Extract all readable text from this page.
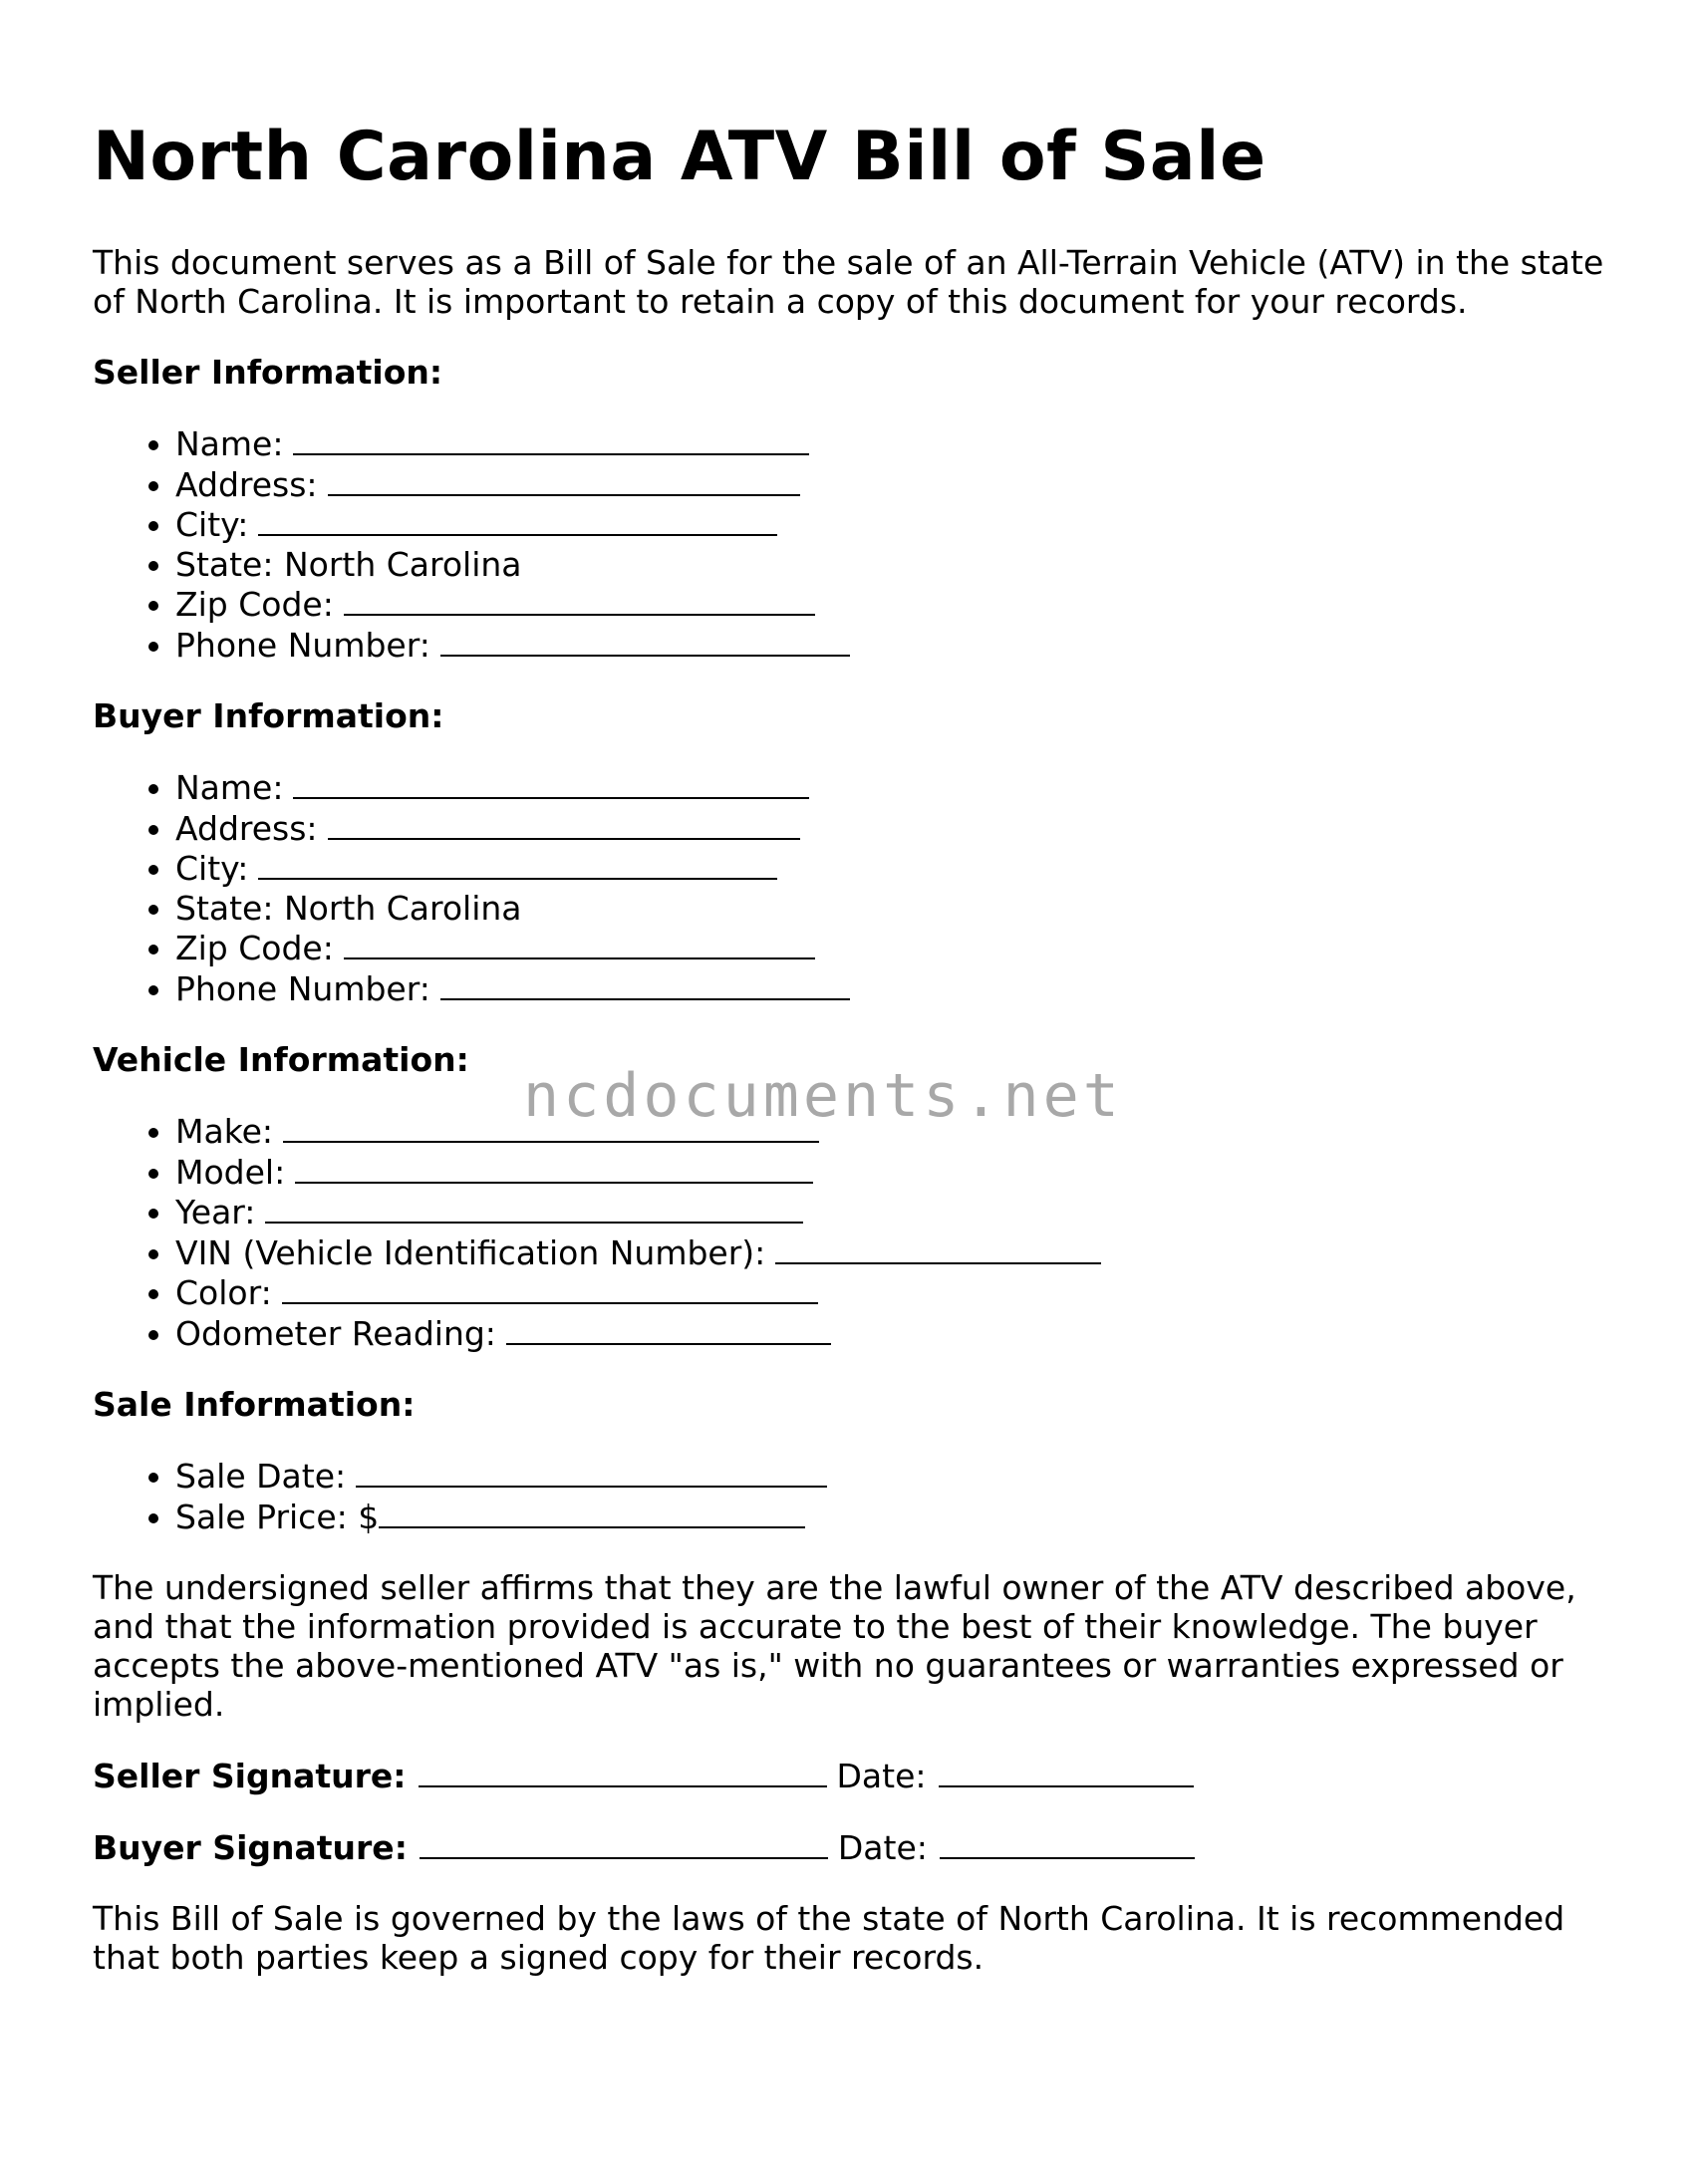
North Carolina ATV Bill of Sale

This document serves as a Bill of Sale for the sale of an All-Terrain Vehicle (ATV) in the state of North Carolina. It is important to retain a copy of this document for your records.

Seller Information:
• Name:
• Address:
• City:
• State: North Carolina
• Zip Code:
• Phone Number:
Buyer Information:
• Name:
• Address:
• City:
• State: North Carolina
• Zip Code:
• Phone Number:
Vehicle Information:
• Make:
• Model:
• Year:
• VIN (Vehicle Identification Number):
• Color:
• Odometer Reading:
Sale Information:
• Sale Date:
• Sale Price: $

The undersigned seller affirms that they are the lawful owner of the ATV described above, and that the information provided is accurate to the best of their knowledge. The buyer accepts the above-mentioned ATV "as is," with no guarantees or warranties expressed or implied.

Seller Signature:	Date:
Buyer Signature:	Date:

This Bill of Sale is governed by the laws of the state of North Carolina. It is recommended that both parties keep a signed copy for their records.

ncdocuments.net
